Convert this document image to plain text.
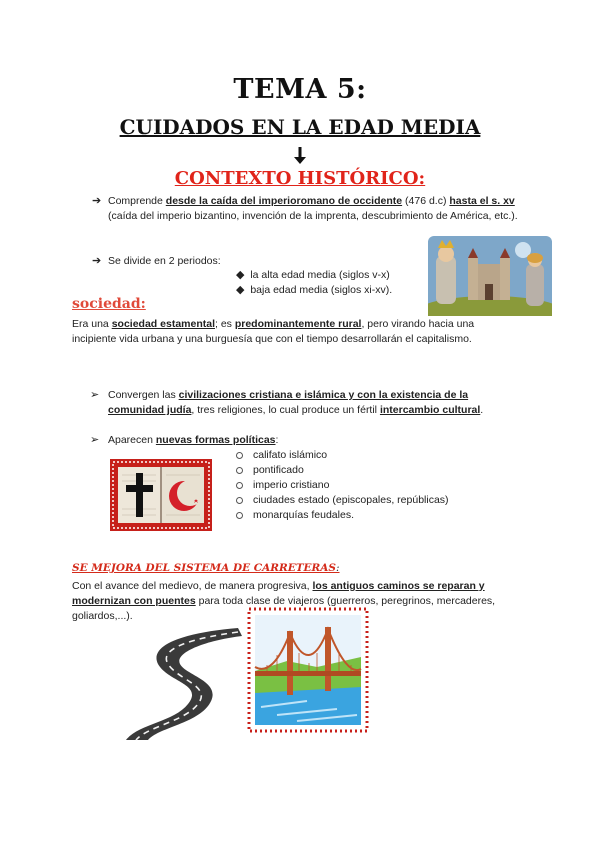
TEMA 5:
CUIDADOS EN LA EDAD MEDIA
CONTEXTO HISTÓRICO:
➔ Comprende desde la caída del imperioromano de occidente (476 d.c) hasta el s. xv (caída del imperio bizantino, invención de la imprenta, descubrimiento de América, etc.).
➔ Se divide en 2 periodos:
◆ la alta edad media (siglos v-x)
◆ baja edad media (siglos xi-xv).
sociedad:
Era una sociedad estamental; es predominantemente rural, pero virando hacia una incipiente vida urbana y una burguesía que con el tiempo desarrollarán el capitalismo.
➢ Convergen las civilizaciones cristiana e islámica y con la existencia de la comunidad judía, tres religiones, lo cual produce un fértil intercambio cultural.
➢ Aparecen nuevas formas políticas:
califato islámico
pontificado
imperio cristiano
ciudades estado (episcopales, repúblicas)
monarquías feudales.
SE MEJORA DEL SISTEMA DE CARRETERAS:
Con el avance del medievo, de manera progresiva, los antiguos caminos se reparan y modernizan con puentes para toda clase de viajeros (guerreros, peregrinos, mercaderes, goliardos,...).
